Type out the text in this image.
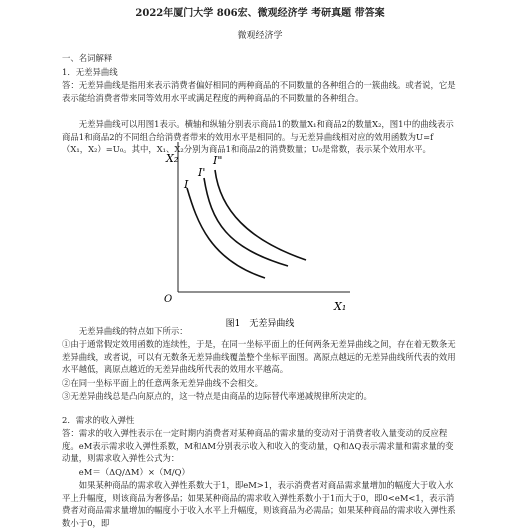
2022年厦门大学 806宏、微观经济学 考研真题 带答案
微观经济学
一、名词解释
1．无差异曲线
答：无差异曲线是指用来表示消费者偏好相同的两种商品的不同数量的各种组合的一簇曲线。或者说，它是表示能给消费者带来同等效用水平或满足程度的两种商品的不同数量的各种组合。
无差异曲线可以用图1表示。横轴和纵轴分别表示商品1的数量X₁和商品2的数量X₂，图1中的曲线表示商品1和商品2的不同组合给消费者带来的效用水平是相同的。与无差异曲线相对应的效用函数为U=f（X₁，X₂）=U₀。其中，X₁、X₂分别为商品1和商品2的消费数量；U₀是常数，表示某个效用水平。
X₂
X₁
O
I
I'
I"
图1　无差异曲线
无差异曲线的特点如下所示：
①由于通常假定效用函数的连续性，于是，在同一坐标平面上的任何两条无差异曲线之间，存在着无数条无差异曲线，或者说，可以有无数条无差异曲线覆盖整个坐标平面图。离原点越远的无差异曲线所代表的效用水平越低，离原点越近的无差异曲线所代表的效用水平越高。
②在同一坐标平面上的任意两条无差异曲线不会相交。
③无差异曲线总是凸向原点的，这一特点是由商品的边际替代率递减规律所决定的。
2．需求的收入弹性
答：需求的收入弹性表示在一定时期内消费者对某种商品的需求量的变动对于消费者收入量变动的反应程度。eM表示需求收入弹性系数，M和ΔM分别表示收入和收入的变动量，Q和ΔQ表示需求量和需求量的变动量，则需求收入弹性公式为：
eM＝（ΔQ/ΔM）×（M/Q）
如果某种商品的需求收入弹性系数大于1，即eM>1，表示消费者对商品需求量增加的幅度大于收入水平上升幅度，则该商品为奢侈品；如果某种商品的需求收入弹性系数小于1而大于0，即0<eM<1，表示消费者对商品需求量增加的幅度小于收入水平上升幅度，则该商品为必需品；如果某种商品的需求收入弹性系数小于0，即
